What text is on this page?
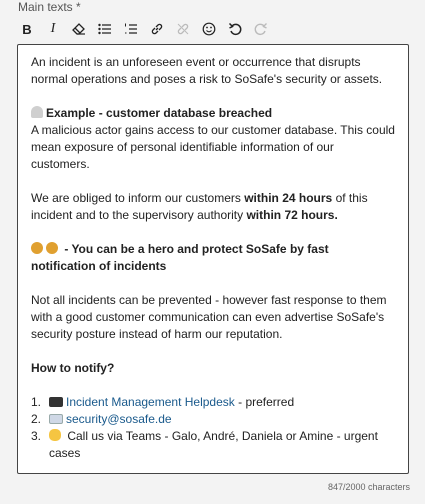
Main texts *
B I

An incident is an unforeseen event or occurrence that disrupts normal operations and poses a risk to SoSafe's security or assets.

Example - customer database breached

A malicious actor gains access to our customer database. This could mean exposure of personal identifiable information of our customers.

We are obliged to inform our customers within 24 hours of this incident and to the supervisory authority within 72 hours.

- You can be a hero and protect SoSafe by fast notification of incidents

Not all incidents can be prevented - however fast response to them with a good customer communication can even advertise SoSafe's security posture instead of harm our reputation.

How to notify?

1.	Incident Management Helpdesk - preferred
2.	security@sosafe.de
3.	Call us via Teams - Galo, André, Daniela or Amine - urgent cases
847/2000 characters
